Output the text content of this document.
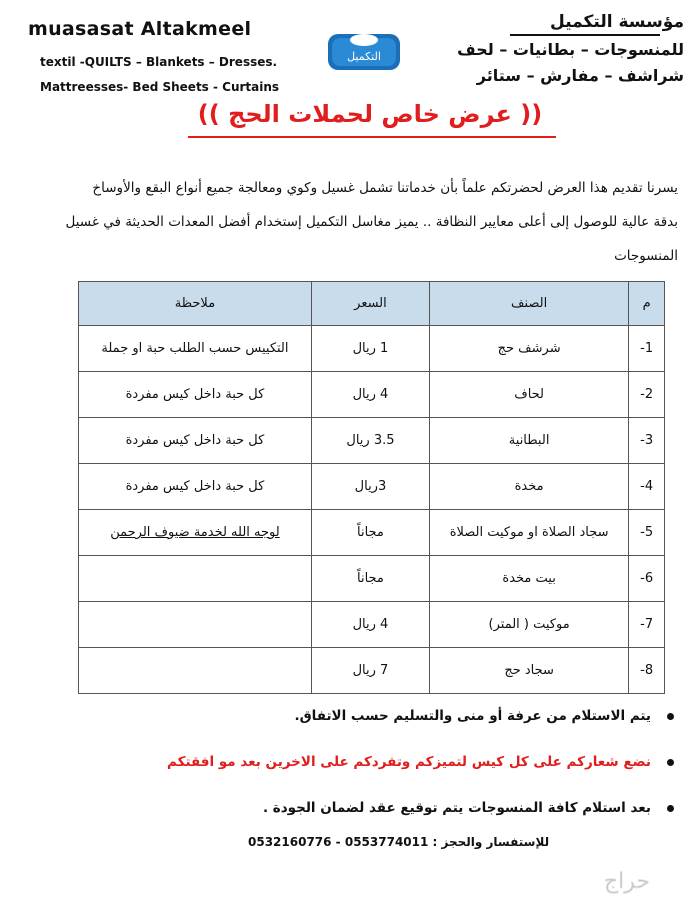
muasasat Altakmeel
textil -QUILTS – Blankets – Dresses.
Mattreesses- Bed Sheets - Curtains
التكميل
مؤسسة التكميل
للمنسوجات – بطانيات – لحف
شراشف – مفارش – ستائر
(( عرض خاص لحملات الحج ))
يسرنا تقديم هذا العرض لحضرتكم علماً بأن خدماتنا تشمل غسيل وكوي ومعالجة جميع أنواع البقع والأوساخ
بدقة عالية للوصول إلى أعلى معايير النظافة .. يميز مغاسل التكميل إستخدام أفضل المعدات الحديثة في غسيل
المنسوجات
م	الصنف	السعر	ملاحظة
1-	شرشف حج	1 ريال	التكييس حسب الطلب حبة او جملة
2-	لحاف	4 ريال	كل حبة داخل كيس مفردة
3-	البطانية	3.5 ريال	كل حبة داخل كيس مفردة
4-	مخدة	3ريال	كل حبة داخل كيس مفردة
5-	سجاد الصلاة او موكيت الصلاة	مجاناً	لوجه الله لخدمة ضيوف الرحمن
6-	بيت مخدة	مجاناً	
7-	موكيت ( المتر)	4 ريال	
8-	سجاد حج	7 ريال	
يتم الاستلام من عرفة أو منى والتسليم حسب الاتفاق.
نضع شعاركم على كل كيس لتميزكم وتفردكم على الاخرين بعد مو افقتكم
بعد استلام كافة المنسوجات يتم توقيع عقد لضمان الجودة .
للإستفسار والحجز : 0553774011 - 0532160776
حراج
